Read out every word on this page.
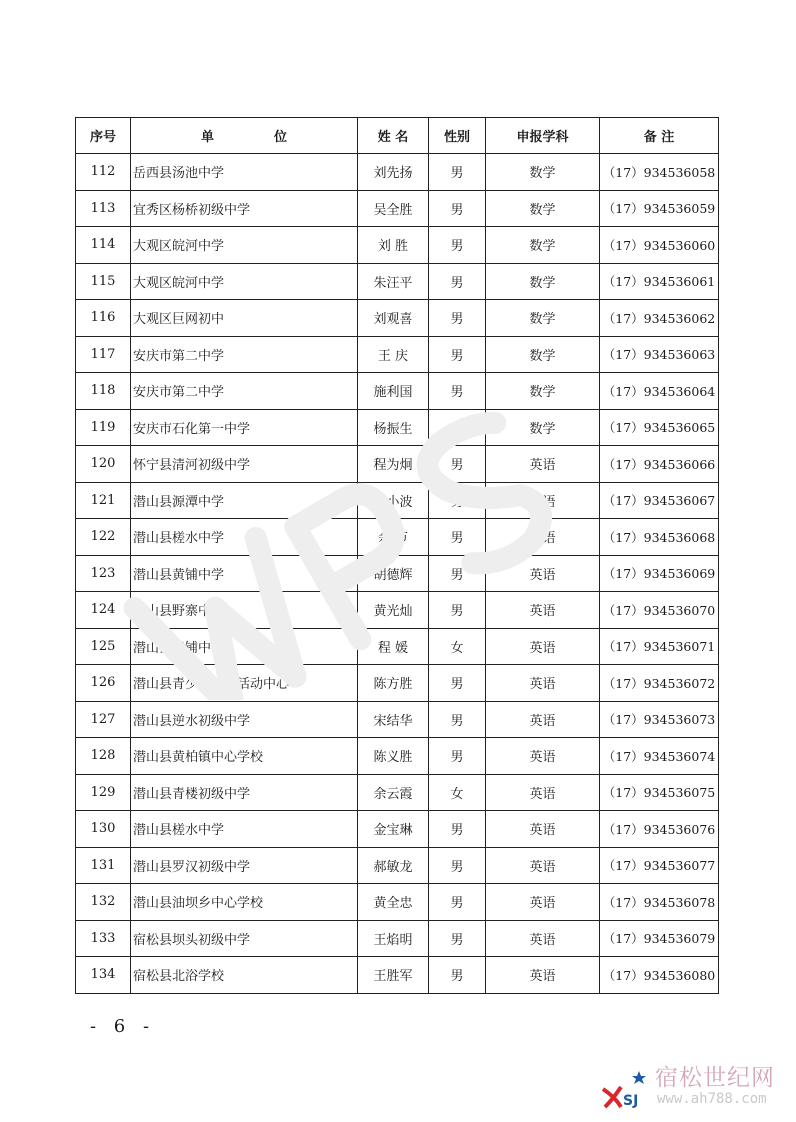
序号	单 位	姓 名	性别	申报学科	备 注
112	岳西县汤池中学	刘先扬	男	数学	（17）934536058
113	宜秀区杨桥初级中学	吴全胜	男	数学	（17）934536059
114	大观区皖河中学	刘 胜	男	数学	（17）934536060
115	大观区皖河中学	朱汪平	男	数学	（17）934536061
116	大观区巨网初中	刘观喜	男	数学	（17）934536062
117	安庆市第二中学	王 庆	男	数学	（17）934536063
118	安庆市第二中学	施利国	男	数学	（17）934536064
119	安庆市石化第一中学	杨振生	男	数学	（17）934536065
120	怀宁县清河初级中学	程为炯	男	英语	（17）934536066
121	潜山县源潭中学	田小波	男	英语	（17）934536067
122	潜山县槎水中学	余 节	男	英语	（17）934536068
123	潜山县黄铺中学	胡德辉	男	英语	（17）934536069
124	潜山县野寨中学	黄光灿	男	英语	（17）934536070
125	潜山县黄铺中学	程 媛	女	英语	（17）934536071
126	潜山县青少年校外活动中心	陈方胜	男	英语	（17）934536072
127	潜山县逆水初级中学	宋结华	男	英语	（17）934536073
128	潜山县黄柏镇中心学校	陈义胜	男	英语	（17）934536074
129	潜山县青楼初级中学	余云霞	女	英语	（17）934536075
130	潜山县槎水中学	金宝琳	男	英语	（17）934536076
131	潜山县罗汉初级中学	郝敏龙	男	英语	（17）934536077
132	潜山县油坝乡中心学校	黄全忠	男	英语	（17）934536078
133	宿松县坝头初级中学	王焰明	男	英语	（17）934536079
134	宿松县北浴学校	王胜军	男	英语	（17）934536080
- 6 -
SJ
宿松世纪网
www.ah788.com
